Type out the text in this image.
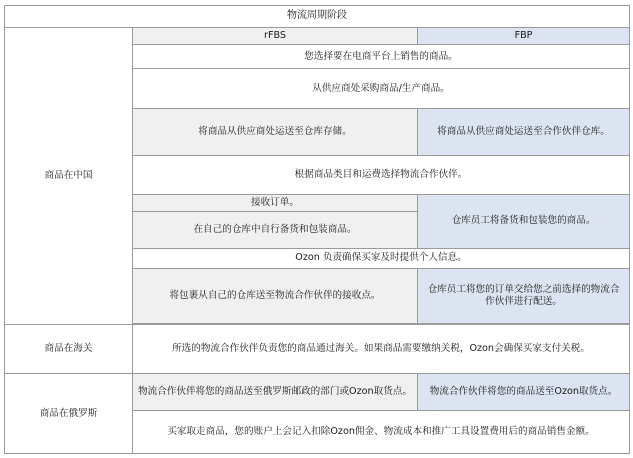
物流周期阶段		
商品在中国	rFBS	FBP
	您选择要在电商平台上销售的商品。	
	从供应商处采购商品/生产商品。	
	将商品从供应商处运送至仓库存储。	将商品从供应商处运送至合作伙伴仓库。
	根据商品类目和运费选择物流合作伙伴。	
	接收订单。	仓库员工将备货和包装您的商品。
	在自己的仓库中自行备货和包装商品。	
	Ozon 负责确保买家及时提供个人信息。	
	将包裹从自己的仓库送至物流合作伙伴的接收点。	仓库员工将您的订单交给您之前选择的物流合作伙伴进行配送。

商品在海关	所选的物流合作伙伴负责您的商品通过海关。如果商品需要缴纳关税，Ozon会确保买家支付关税。	
商品在俄罗斯	物流合作伙伴将您的商品送至俄罗斯邮政的部门或Ozon取货点。	物流合作伙伴将您的商品送至Ozon取货点。
	买家取走商品，您的账户上会记入扣除Ozon佣金、物流成本和推广工具设置费用后的商品销售金额。	
